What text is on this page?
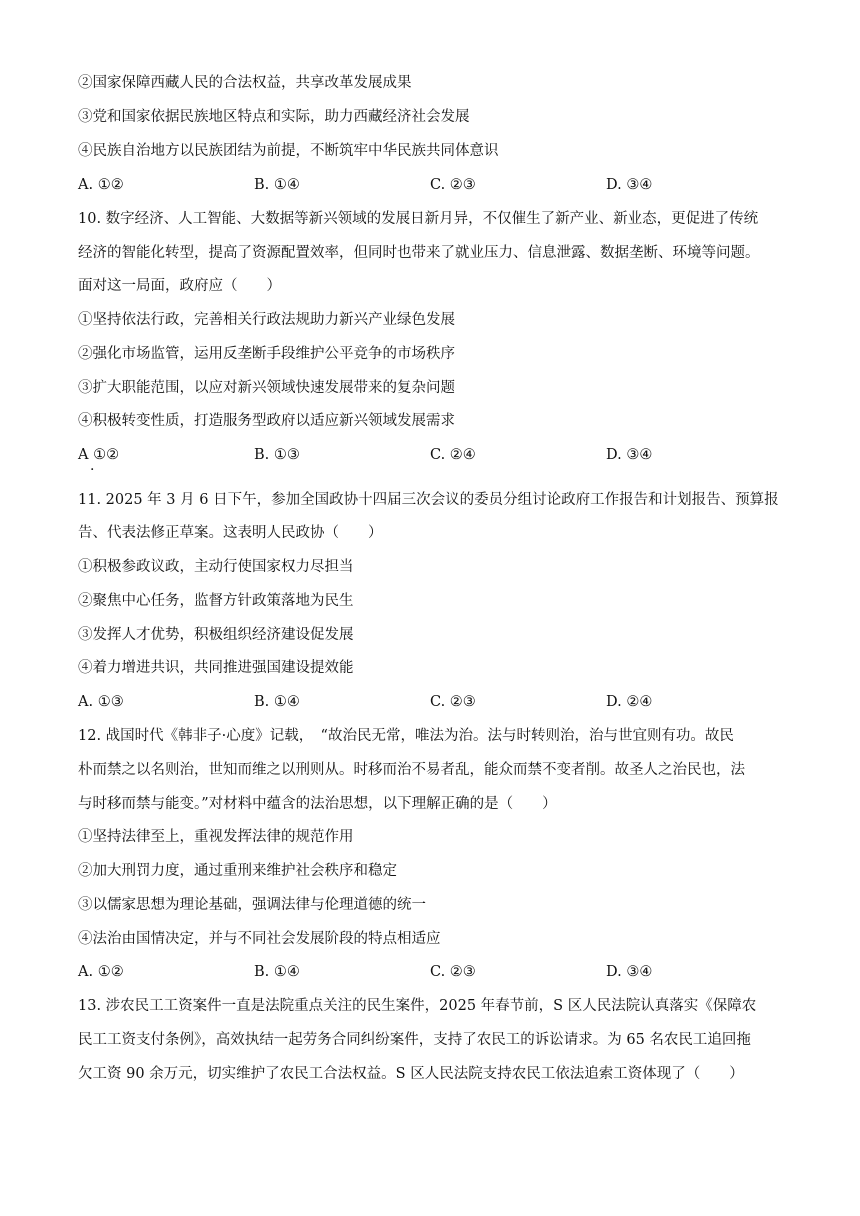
②国家保障西藏人民的合法权益，共享改革发展成果
③党和国家依据民族地区特点和实际，助力西藏经济社会发展
④民族自治地方以民族团结为前提，不断筑牢中华民族共同体意识
A. ①②	B. ①④	C. ②③	D. ③④
10. 数字经济、人工智能、大数据等新兴领域的发展日新月异，不仅催生了新产业、新业态，更促进了传统
经济的智能化转型，提高了资源配置效率，但同时也带来了就业压力、信息泄露、数据垄断、环境等问题。
面对这一局面，政府应（　　）
①坚持依法行政，完善相关行政法规助力新兴产业绿色发展
②强化市场监管，运用反垄断手段维护公平竞争的市场秩序
③扩大职能范围，以应对新兴领域快速发展带来的复杂问题
④积极转变性质，打造服务型政府以适应新兴领域发展需求
A ①②	B. ①③	C. ②④	D. ③④
·
11. 2025 年 3 月 6 日下午，参加全国政协十四届三次会议的委员分组讨论政府工作报告和计划报告、预算报
告、代表法修正草案。这表明人民政协（　　）
①积极参政议政，主动行使国家权力尽担当
②聚焦中心任务，监督方针政策落地为民生
③发挥人才优势，积极组织经济建设促发展
④着力增进共识，共同推进强国建设提效能
A. ①③	B. ①④	C. ②③	D. ②④
12. 战国时代《韩非子·心度》记载，　“故治民无常，唯法为治。法与时转则治，治与世宜则有功。故民
朴而禁之以名则治，世知而维之以刑则从。时移而治不易者乱，能众而禁不变者削。故圣人之治民也，法
与时移而禁与能变。”对材料中蕴含的法治思想，以下理解正确的是（　　）
①坚持法律至上，重视发挥法律的规范作用
②加大刑罚力度，通过重刑来维护社会秩序和稳定
③以儒家思想为理论基础，强调法律与伦理道德的统一
④法治由国情决定，并与不同社会发展阶段的特点相适应
A. ①②	B. ①④	C. ②③	D. ③④
13. 涉农民工工资案件一直是法院重点关注的民生案件，2025 年春节前，S 区人民法院认真落实《保障农
民工工资支付条例》，高效执结一起劳务合同纠纷案件，支持了农民工的诉讼请求。为 65 名农民工追回拖
欠工资 90 余万元，切实维护了农民工合法权益。S 区人民法院支持农民工依法追索工资体现了（　　）
